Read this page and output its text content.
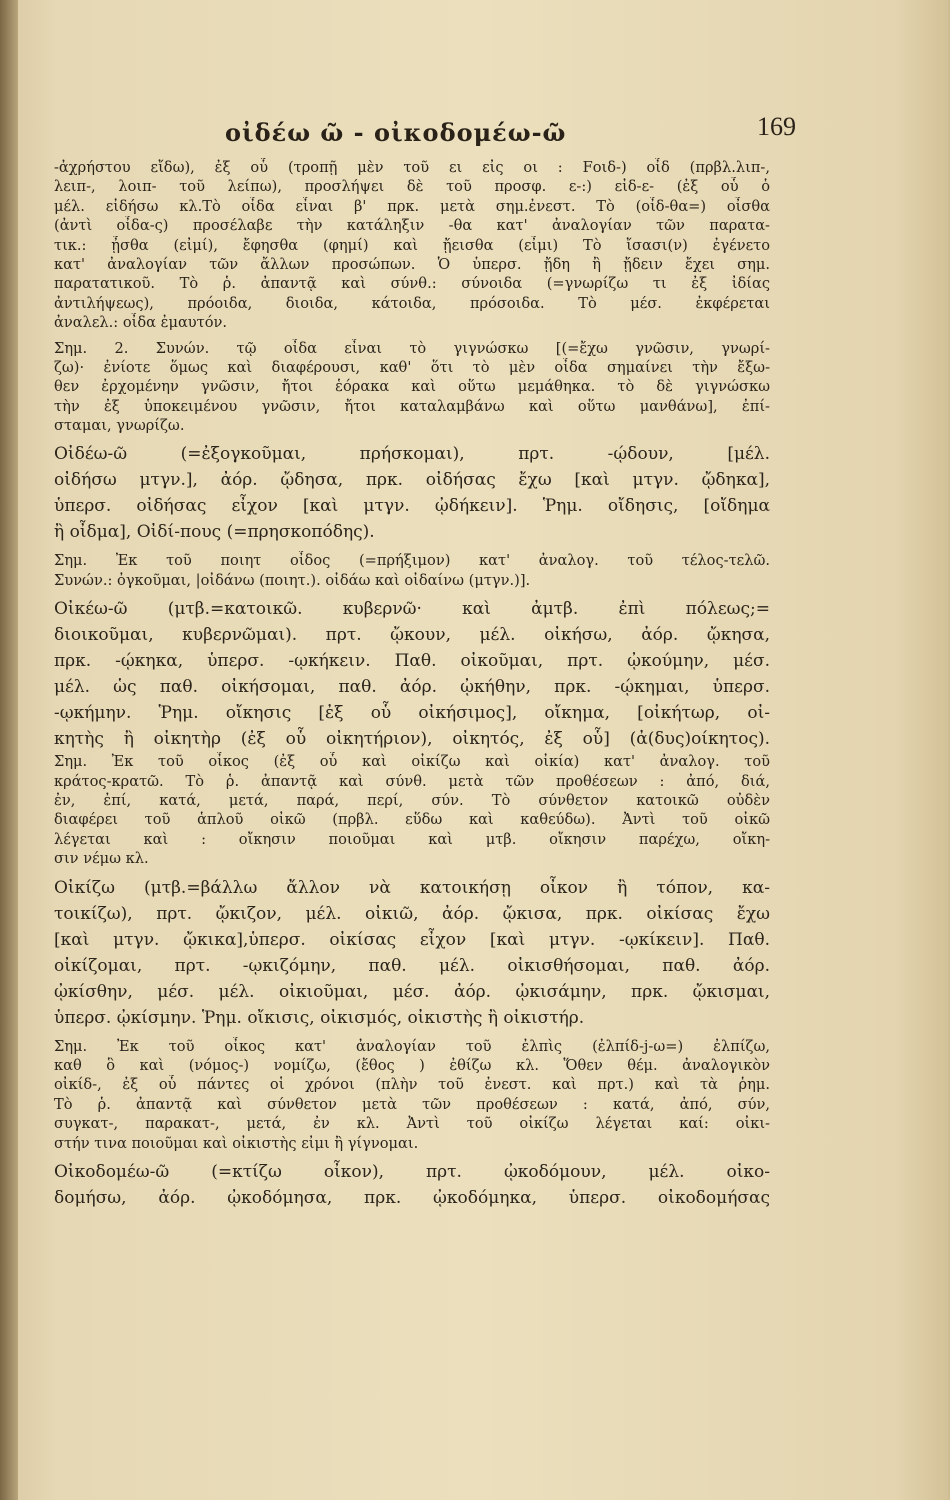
οἰδέω ῶ - οἰκοδομέω-ῶ	169
-ἀχρήστου εἴδω), ἐξ οὗ (τροπῇ μὲν τοῦ ει εἰς οι : Fοιδ-) οἶδ (πρβλ.λιπ-,
λειπ-, λοιπ- τοῦ λείπω), προσλήψει δὲ τοῦ προσφ. ε-:) εἰδ-ε- (ἐξ οὗ ὁ
μέλ. εἰδήσω κλ.Τὸ οἶδα εἶναι β' πρκ. μετὰ σημ.ἐνεστ. Τὸ (οἶδ-θα=) οἶσθα
(ἀντὶ οἶδα-ς) προσέλαβε τὴν κατάληξιν -θα κατ' ἀναλογίαν τῶν παρατα-
τικ.: ᾖσθα (εἰμί), ἔφησθα (φημί) καὶ ᾔεισθα (εἶμι) Τὸ ἴσασι(ν) ἐγένετο
κατ' ἀναλογίαν τῶν ἄλλων προσώπων. Ὁ ὑπερσ. ᾔδη ἢ ᾔδειν ἔχει σημ.
παρατατικοῦ. Τὸ ῥ. ἀπαντᾷ καὶ σύνθ.: σύνοιδα (=γνωρίζω τι ἐξ ἰδίας
ἀντιλήψεως), πρόοιδα, διοιδα, κάτοιδα, πρόσοιδα. Τὸ μέσ. ἐκφέρεται
ἀναλελ.: οἶδα ἐμαυτόν.
Σημ. 2. Συνών. τῷ οἶδα εἶναι τὸ γιγνώσκω [(=ἔχω γνῶσιν, γνωρί-
ζω)· ἐνίοτε ὅμως καὶ διαφέρουσι, καθ' ὅτι τὸ μὲν οἶδα σημαίνει τὴν ἔξω-
θεν ἐρχομένην γνῶσιν, ἤτοι ἑόρακα καὶ οὕτω μεμάθηκα. τὸ δὲ γιγνώσκω
τὴν ἐξ ὑποκειμένου γνῶσιν, ἤτοι καταλαμβάνω καὶ οὕτω μανθάνω], ἐπί-
σταμαι, γνωρίζω.
Οἰδέω-ῶ (=ἐξογκοῦμαι, πρήσκομαι), πρτ. -ῴδουν, [μέλ.
οἰδήσω μτγν.], ἀόρ. ᾤδησα, πρκ. οἰδήσας ἔχω [καὶ μτγν. ᾤδηκα],
ὑπερσ. οἰδήσας εἶχον [καὶ μτγν. ᾠδήκειν]. Ῥημ. οἴδησις, [οἴδημα
ἢ οἶδμα], Οἰδί-πους (=πρησκοπόδης).
Σημ. Ἐκ τοῦ ποιητ οἶδος (=πρήξιμον) κατ' ἀναλογ. τοῦ τέλος-τελῶ.
Συνών.: ὀγκοῦμαι, |οἰδάνω (ποιητ.). οἰδάω καὶ οἰδαίνω (μτγν.)].
Οἰκέω-ῶ (μτβ.=κατοικῶ. κυβερνῶ· καὶ ἀμτβ. ἐπὶ πόλεως;=
διοικοῦμαι, κυβερνῶμαι). πρτ. ᾤκουν, μέλ. οἰκήσω, ἀόρ. ᾤκησα,
πρκ. -ῴκηκα, ὑπερσ. -ῳκήκειν. Παθ. οἰκοῦμαι, πρτ. ᾠκούμην, μέσ.
μέλ. ὡς παθ. οἰκήσομαι, παθ. ἀόρ. ᾠκήθην, πρκ. -ῴκημαι, ὑπερσ.
-ῳκήμην. Ῥημ. οἴκησις [ἐξ οὗ οἰκήσιμος], οἴκημα, [οἰκήτωρ, οἰ-
κητὴς ἢ οἰκητὴρ (ἐξ οὗ οἰκητήριον), οἰκητός, ἐξ οὗ] (ἀ(δυς)οίκητος).
Σημ. Ἐκ τοῦ οἶκος (ἐξ οὗ καὶ οἰκίζω καὶ οἰκία) κατ' ἀναλογ. τοῦ
κράτος-κρατῶ. Τὸ ῥ. ἀπαντᾷ καὶ σύνθ. μετὰ τῶν προθέσεων : ἀπό, διά,
ἐν, ἐπί, κατά, μετά, παρά, περί, σύν. Τὸ σύνθετον κατοικῶ οὐδὲν
διαφέρει τοῦ ἁπλοῦ οἰκῶ (πρβλ. εὕδω καὶ καθεύδω). Ἀντὶ τοῦ οἰκῶ
λέγεται καὶ : οἴκησιν ποιοῦμαι καὶ μτβ. οἴκησιν παρέχω, οἴκη-
σιν νέμω κλ.
Οἰκίζω (μτβ.=βάλλω ἄλλον νὰ κατοικήσῃ οἶκον ἢ τόπον, κα-
τοικίζω), πρτ. ᾤκιζον, μέλ. οἰκιῶ, ἀόρ. ᾤκισα, πρκ. οἰκίσας ἔχω
[καὶ μτγν. ᾤκικα],ὑπερσ. οἰκίσας εἶχον [καὶ μτγν. -ῳκίκειν]. Παθ.
οἰκίζομαι, πρτ. -ῳκιζόμην, παθ. μέλ. οἰκισθήσομαι, παθ. ἀόρ.
ᾠκίσθην, μέσ. μέλ. οἰκιοῦμαι, μέσ. ἀόρ. ᾠκισάμην, πρκ. ᾤκισμαι,
ὑπερσ. ᾠκίσμην. Ῥημ. οἴκισις, οἰκισμός, οἰκιστὴς ἢ οἰκιστήρ.
Σημ. Ἐκ τοῦ οἶκος κατ' ἀναλογίαν τοῦ ἐλπὶς (ἐλπίδ-j-ω=) ἐλπίζω,
καθ ὃ καὶ (νόμος-) νομίζω, (ἔθος ) ἐθίζω κλ. Ὅθεν θέμ. ἀναλογικὸν
οἰκίδ-, ἐξ οὗ πάντες οἱ χρόνοι (πλὴν τοῦ ἐνεστ. καὶ πρτ.) καὶ τὰ ῥημ.
Τὸ ῥ. ἀπαντᾷ καὶ σύνθετον μετὰ τῶν προθέσεων : κατά, ἀπό, σύν,
συγκατ-, παρακατ-, μετά, ἐν κλ. Ἀντὶ τοῦ οἰκίζω λέγεται καί: οἰκι-
στήν τινα ποιοῦμαι καὶ οἰκιστὴς εἰμι ἢ γίγνομαι.
Οἰκοδομέω-ῶ (=κτίζω οἶκον), πρτ. ᾠκοδόμουν, μέλ. οἰκο-
δομήσω, ἀόρ. ᾠκοδόμησα, πρκ. ᾠκοδόμηκα, ὑπερσ. οἰκοδομήσας
